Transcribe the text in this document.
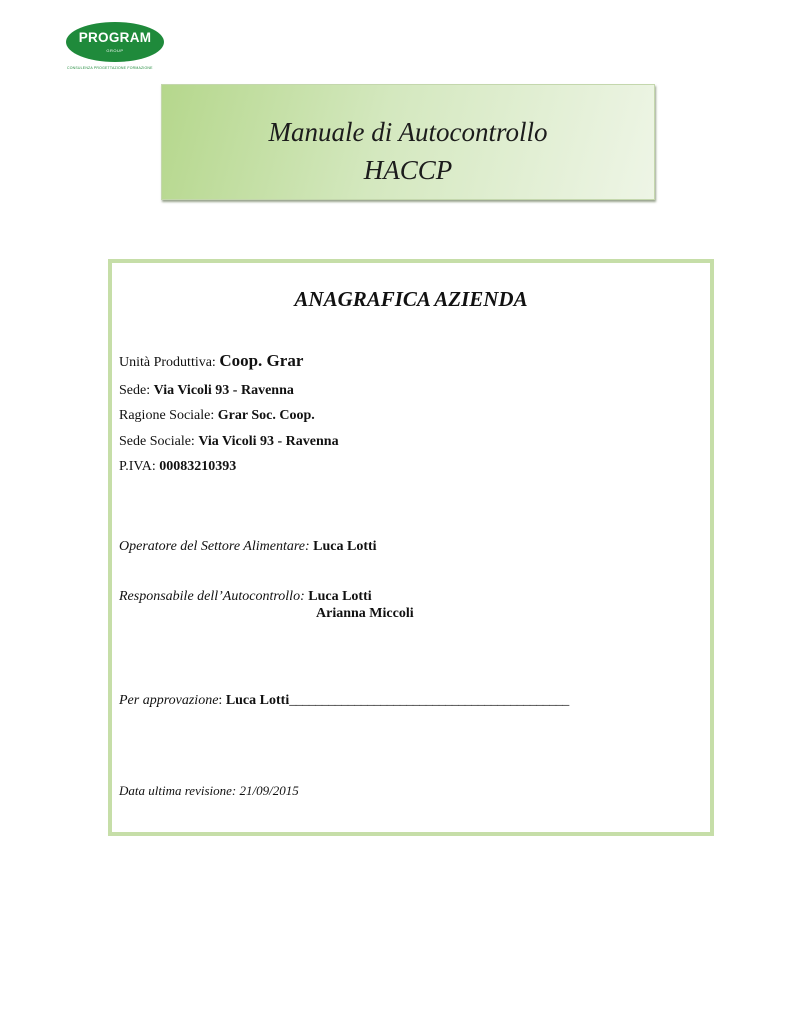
PROGRAM
GROUP
CONSULENZA PROGETTAZIONE FORMAZIONE
Manuale di Autocontrollo
HACCP
ANAGRAFICA AZIENDA
Unità Produttiva: Coop. Grar
Sede: Via Vicoli 93 - Ravenna
Ragione Sociale: Grar Soc. Coop.
Sede Sociale: Via Vicoli 93 - Ravenna
P.IVA: 00083210393
Operatore del Settore Alimentare: Luca Lotti
Responsabile dell’Autocontrollo: Luca Lotti
Arianna Miccoli
Per approvazione: Luca Lotti___________________________________________
Data ultima revisione: 21/09/2015
